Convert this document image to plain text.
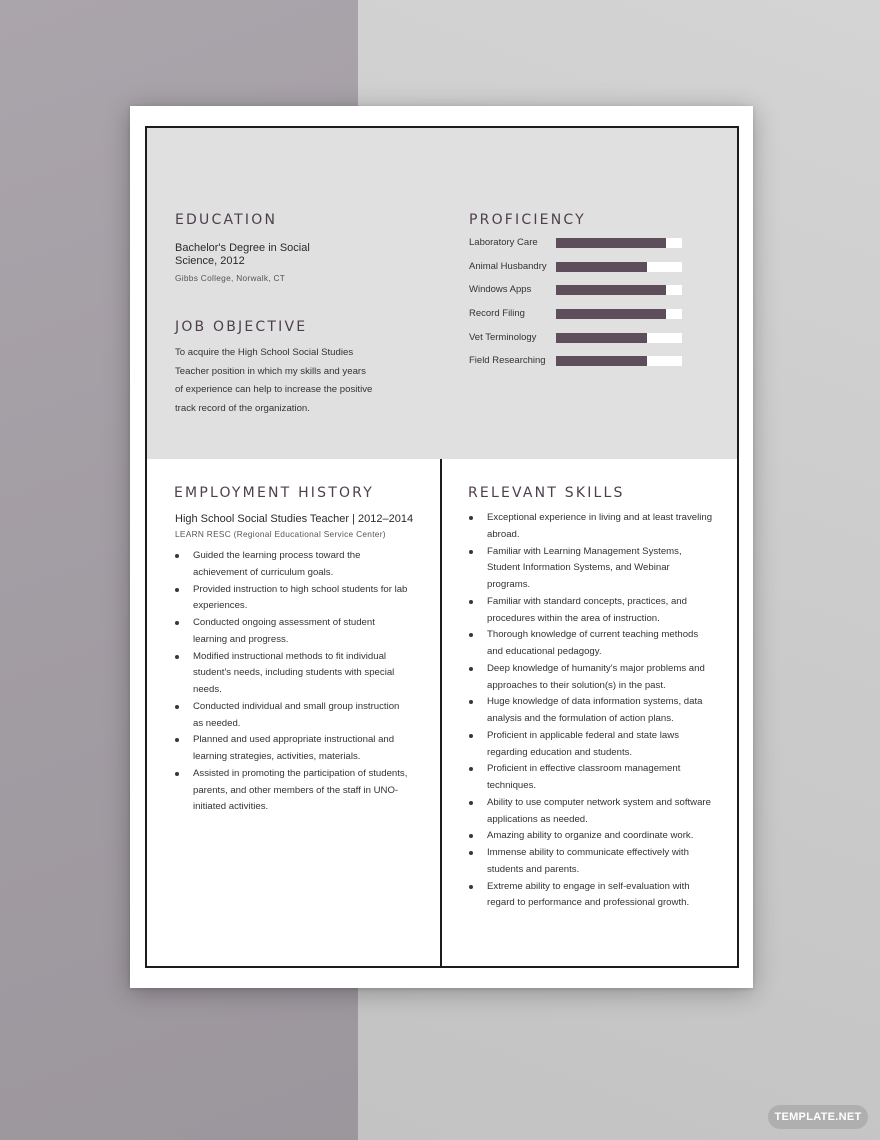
EDUCATION
Bachelor's Degree in Social Science, 2012
Gibbs College, Norwalk, CT
JOB OBJECTIVE
To acquire the High School Social Studies Teacher position in which my skills and years of experience can help to increase the positive track record of the organization.
PROFICIENCY
Laboratory Care
Animal Husbandry
Windows Apps
Record Filing
Vet Terminology
Field Researching
EMPLOYMENT HISTORY
High School Social Studies Teacher | 2012–2014
LEARN RESC (Regional Educational Service Center)
Guided the learning process toward the achievement of curriculum goals.
Provided instruction to high school students for lab experiences.
Conducted ongoing assessment of student learning and progress.
Modified instructional methods to fit individual student's needs, including students with special needs.
Conducted individual and small group instruction as needed.
Planned and used appropriate instructional and learning strategies, activities, materials.
Assisted in promoting the participation of students, parents, and other members of the staff in UNO-initiated activities.
RELEVANT SKILLS
Exceptional experience in living and at least traveling abroad.
Familiar with Learning Management Systems, Student Information Systems, and Webinar programs.
Familiar with standard concepts, practices, and procedures within the area of instruction.
Thorough knowledge of current teaching methods and educational pedagogy.
Deep knowledge of humanity's major problems and approaches to their solution(s) in the past.
Huge knowledge of data information systems, data analysis and the formulation of action plans.
Proficient in applicable federal and state laws regarding education and students.
Proficient in effective classroom management techniques.
Ability to use computer network system and software applications as needed.
Amazing ability to organize and coordinate work.
Immense ability to communicate effectively with students and parents.
Extreme ability to engage in self-evaluation with regard to performance and professional growth.
TEMPLATE.NET
